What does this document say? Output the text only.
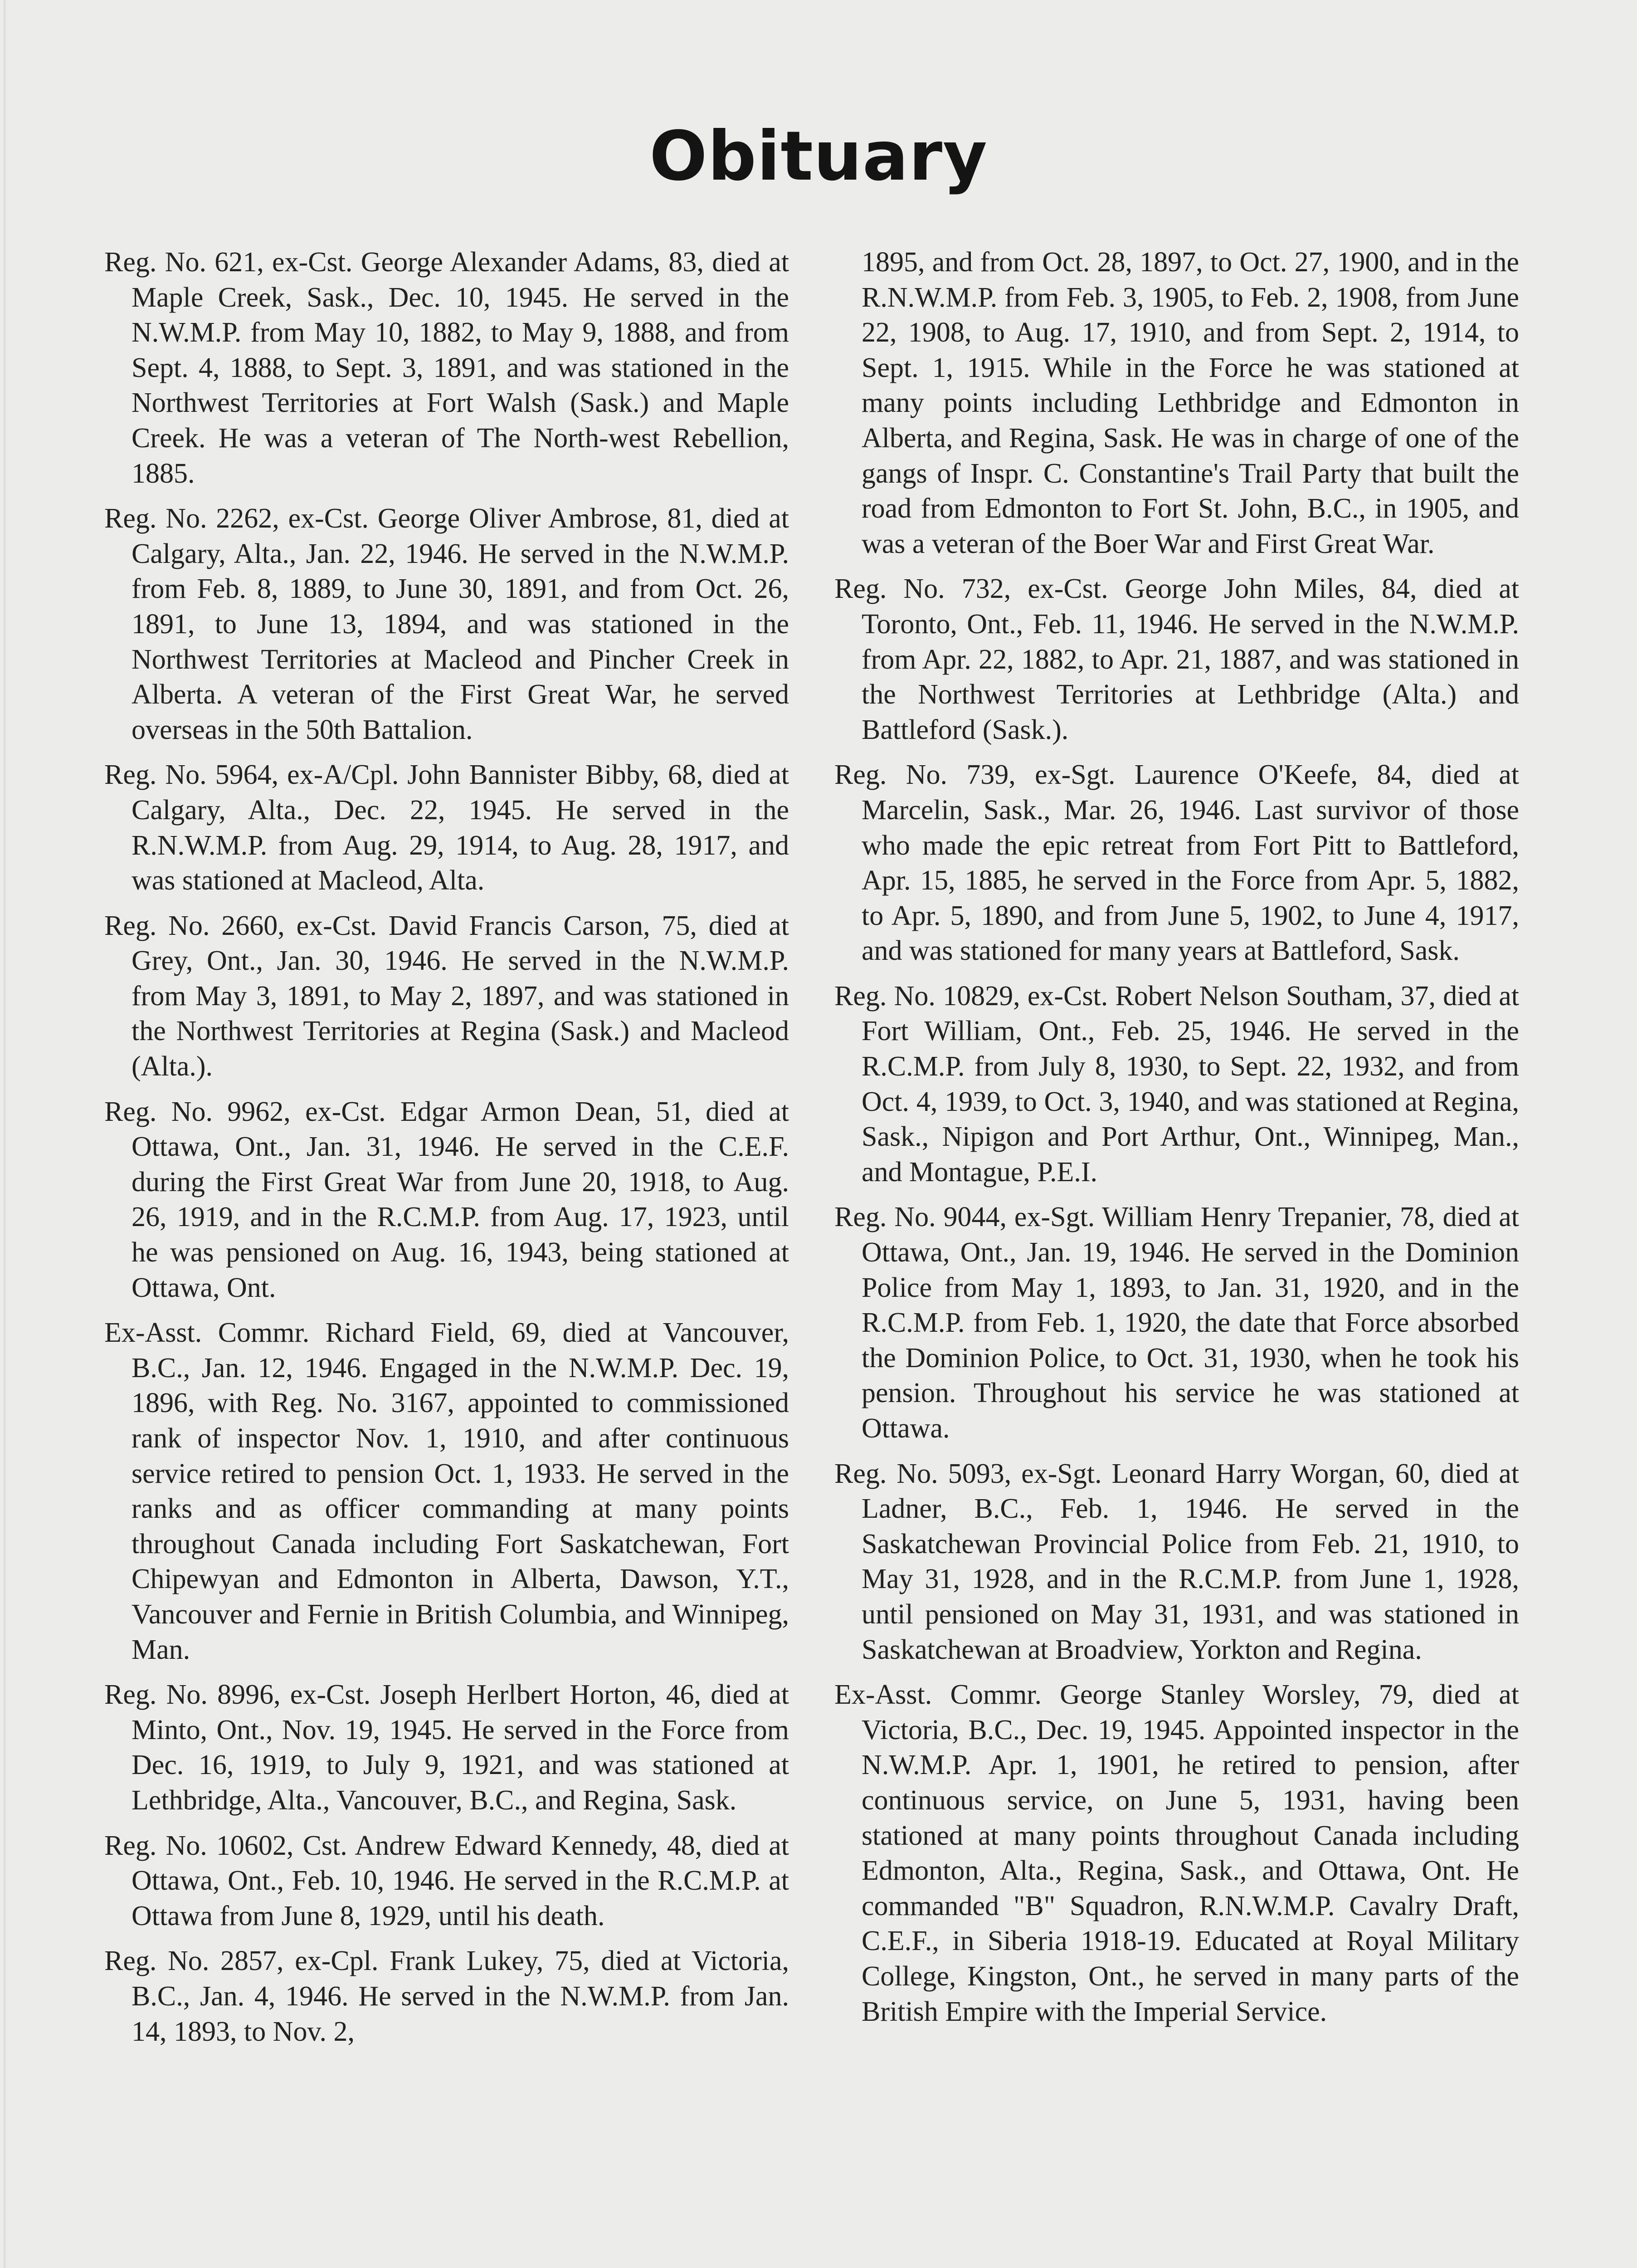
Obituary

Reg. No. 621, ex-Cst. George Alexander Adams, 83, died at Maple Creek, Sask., Dec. 10, 1945. He served in the N.W.M.P. from May 10, 1882, to May 9, 1888, and from Sept. 4, 1888, to Sept. 3, 1891, and was stationed in the Northwest Territories at Fort Walsh (Sask.) and Maple Creek. He was a veteran of The North-west Rebellion, 1885.

Reg. No. 2262, ex-Cst. George Oliver Ambrose, 81, died at Calgary, Alta., Jan. 22, 1946. He served in the N.W.M.P. from Feb. 8, 1889, to June 30, 1891, and from Oct. 26, 1891, to June 13, 1894, and was stationed in the Northwest Territories at Macleod and Pincher Creek in Alberta. A veteran of the First Great War, he served overseas in the 50th Battalion.

Reg. No. 5964, ex-A/Cpl. John Bannister Bibby, 68, died at Calgary, Alta., Dec. 22, 1945. He served in the R.N.W.M.P. from Aug. 29, 1914, to Aug. 28, 1917, and was stationed at Macleod, Alta.

Reg. No. 2660, ex-Cst. David Francis Carson, 75, died at Grey, Ont., Jan. 30, 1946. He served in the N.W.M.P. from May 3, 1891, to May 2, 1897, and was stationed in the Northwest Territories at Regina (Sask.) and Macleod (Alta.).

Reg. No. 9962, ex-Cst. Edgar Armon Dean, 51, died at Ottawa, Ont., Jan. 31, 1946. He served in the C.E.F. during the First Great War from June 20, 1918, to Aug. 26, 1919, and in the R.C.M.P. from Aug. 17, 1923, until he was pensioned on Aug. 16, 1943, being stationed at Ottawa, Ont.

Ex-Asst. Commr. Richard Field, 69, died at Vancouver, B.C., Jan. 12, 1946. Engaged in the N.W.M.P. Dec. 19, 1896, with Reg. No. 3167, appointed to commissioned rank of inspector Nov. 1, 1910, and after continuous service retired to pension Oct. 1, 1933. He served in the ranks and as officer commanding at many points throughout Canada including Fort Saskatchewan, Fort Chipewyan and Edmonton in Alberta, Dawson, Y.T., Vancouver and Fernie in British Columbia, and Winnipeg, Man.

Reg. No. 8996, ex-Cst. Joseph Herlbert Horton, 46, died at Minto, Ont., Nov. 19, 1945. He served in the Force from Dec. 16, 1919, to July 9, 1921, and was stationed at Lethbridge, Alta., Vancouver, B.C., and Regina, Sask.

Reg. No. 10602, Cst. Andrew Edward Kennedy, 48, died at Ottawa, Ont., Feb. 10, 1946. He served in the R.C.M.P. at Ottawa from June 8, 1929, until his death.

Reg. No. 2857, ex-Cpl. Frank Lukey, 75, died at Victoria, B.C., Jan. 4, 1946. He served in the N.W.M.P. from Jan. 14, 1893, to Nov. 2,

1895, and from Oct. 28, 1897, to Oct. 27, 1900, and in the R.N.W.M.P. from Feb. 3, 1905, to Feb. 2, 1908, from June 22, 1908, to Aug. 17, 1910, and from Sept. 2, 1914, to Sept. 1, 1915. While in the Force he was stationed at many points including Lethbridge and Edmonton in Alberta, and Regina, Sask. He was in charge of one of the gangs of Inspr. C. Constantine's Trail Party that built the road from Edmonton to Fort St. John, B.C., in 1905, and was a veteran of the Boer War and First Great War.

Reg. No. 732, ex-Cst. George John Miles, 84, died at Toronto, Ont., Feb. 11, 1946. He served in the N.W.M.P. from Apr. 22, 1882, to Apr. 21, 1887, and was stationed in the Northwest Territories at Lethbridge (Alta.) and Battleford (Sask.).

Reg. No. 739, ex-Sgt. Laurence O'Keefe, 84, died at Marcelin, Sask., Mar. 26, 1946. Last survivor of those who made the epic retreat from Fort Pitt to Battleford, Apr. 15, 1885, he served in the Force from Apr. 5, 1882, to Apr. 5, 1890, and from June 5, 1902, to June 4, 1917, and was stationed for many years at Battleford, Sask.

Reg. No. 10829, ex-Cst. Robert Nelson Southam, 37, died at Fort William, Ont., Feb. 25, 1946. He served in the R.C.M.P. from July 8, 1930, to Sept. 22, 1932, and from Oct. 4, 1939, to Oct. 3, 1940, and was stationed at Regina, Sask., Nipigon and Port Arthur, Ont., Winnipeg, Man., and Montague, P.E.I.

Reg. No. 9044, ex-Sgt. William Henry Trepanier, 78, died at Ottawa, Ont., Jan. 19, 1946. He served in the Dominion Police from May 1, 1893, to Jan. 31, 1920, and in the R.C.M.P. from Feb. 1, 1920, the date that Force absorbed the Dominion Police, to Oct. 31, 1930, when he took his pension. Throughout his service he was stationed at Ottawa.

Reg. No. 5093, ex-Sgt. Leonard Harry Worgan, 60, died at Ladner, B.C., Feb. 1, 1946. He served in the Saskatchewan Provincial Police from Feb. 21, 1910, to May 31, 1928, and in the R.C.M.P. from June 1, 1928, until pensioned on May 31, 1931, and was stationed in Saskatchewan at Broadview, Yorkton and Regina.

Ex-Asst. Commr. George Stanley Worsley, 79, died at Victoria, B.C., Dec. 19, 1945. Appointed inspector in the N.W.M.P. Apr. 1, 1901, he retired to pension, after continuous service, on June 5, 1931, having been stationed at many points throughout Canada including Edmonton, Alta., Regina, Sask., and Ottawa, Ont. He commanded "B" Squadron, R.N.W.M.P. Cavalry Draft, C.E.F., in Siberia 1918-19. Educated at Royal Military College, Kingston, Ont., he served in many parts of the British Empire with the Imperial Service.
